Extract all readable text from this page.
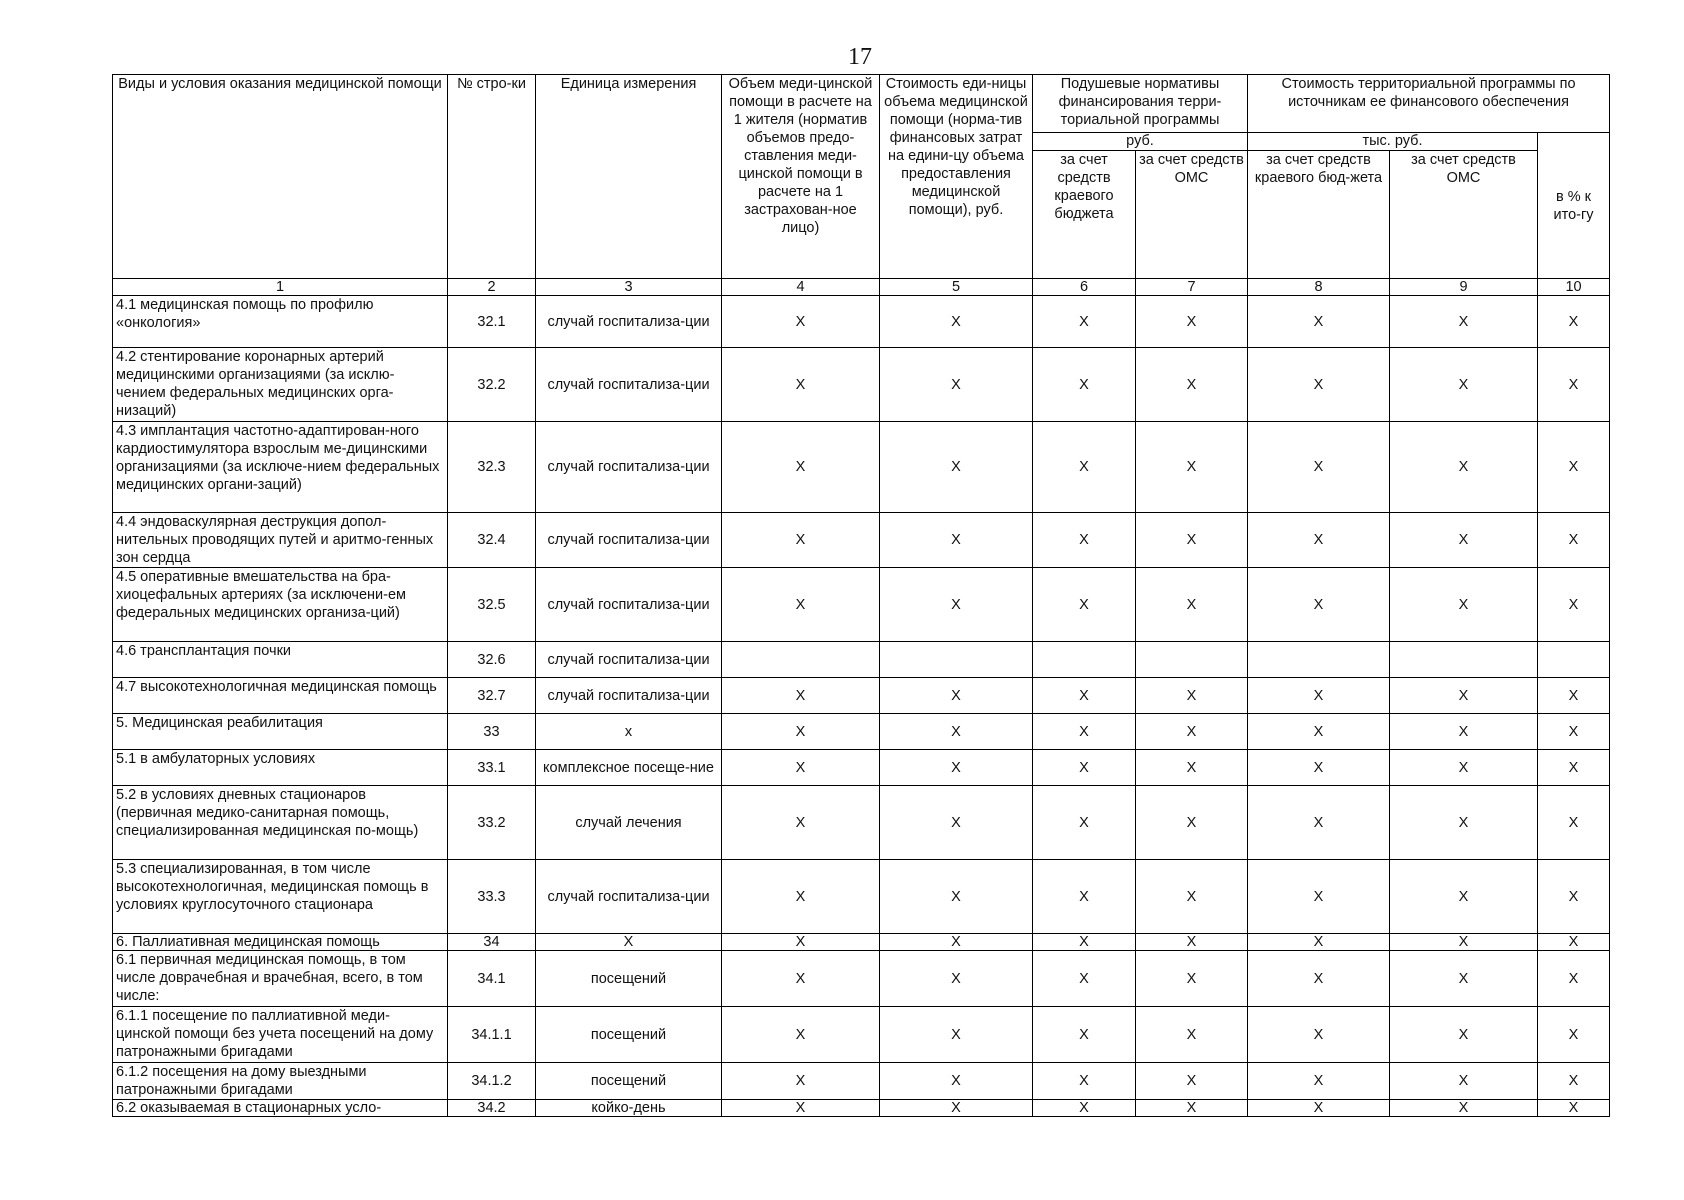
17
Виды и условия оказания медицинской помощи	№ стро-ки	Единица измерения	Объем меди-цинской помощи в расчете на 1 жителя (норматив объемов предо-ставления меди-цинской помощи в расчете на 1 застрахован-ное лицо)	Стоимость еди-ницы объема медицинской помощи (норма-тив финансовых затрат на едини-цу объема предоставления медицинской помощи), руб.	Подушевые нормативы финансирования терри-ториальной программы		Стоимость территориальной программы по источникам ее финансового обеспечения		
					руб.		тыс. руб.		в % к ито-гу
					за счет средств краевого бюджета	за счет средств ОМС	за счет средств краевого бюд-жета	за счет средств ОМС	
1	2	3	4	5	6	7	8	9	10
4.1 медицинская помощь по профилю «онкология»	32.1	случай госпитализа-ции	X	X	X	X	X	X	X
4.2 стентирование коронарных артерий медицинскими организациями (за исклю-чением федеральных медицинских орга-низаций)	32.2	случай госпитализа-ции	X	X	X	X	X	X	X
4.3 имплантация частотно-адаптирован-ного кардиостимулятора взрослым ме-дицинскими организациями (за исключе-нием федеральных медицинских органи-заций)	32.3	случай госпитализа-ции	X	X	X	X	X	X	X
4.4 эндоваскулярная деструкция допол-нительных проводящих путей и аритмо-генных зон сердца	32.4	случай госпитализа-ции	X	X	X	X	X	X	X
4.5 оперативные вмешательства на бра-хиоцефальных артериях (за исключени-ем федеральных медицинских организа-ций)	32.5	случай госпитализа-ции	X	X	X	X	X	X	X
4.6 трансплантация почки	32.6	случай госпитализа-ции							
4.7 высокотехнологичная медицинская помощь	32.7	случай госпитализа-ции	X	X	X	X	X	X	X
5. Медицинская реабилитация	33	х	X	X	X	X	X	X	X
5.1 в амбулаторных условиях	33.1	комплексное посеще-ние	X	X	X	X	X	X	X
5.2 в условиях дневных стационаров (первичная медико-санитарная помощь, специализированная медицинская по-мощь)	33.2	случай лечения	X	X	X	X	X	X	X
5.3 специализированная, в том числе высокотехнологичная, медицинская помощь в условиях круглосуточного стационара	33.3	случай госпитализа-ции	X	X	X	X	X	X	X
6. Паллиативная медицинская помощь	34	X	X	X	X	X	X	X	X
6.1 первичная медицинская помощь, в том числе доврачебная и врачебная, всего, в том числе:	34.1	посещений	X	X	X	X	X	X	X
6.1.1 посещение по паллиативной меди-цинской помощи без учета посещений на дому патронажными бригадами	34.1.1	посещений	X	X	X	X	X	X	X
6.1.2 посещения на дому выездными патронажными бригадами	34.1.2	посещений	X	X	X	X	X	X	X
6.2 оказываемая в стационарных усло-	34.2	койко-день	X	X	X	X	X	X	X
